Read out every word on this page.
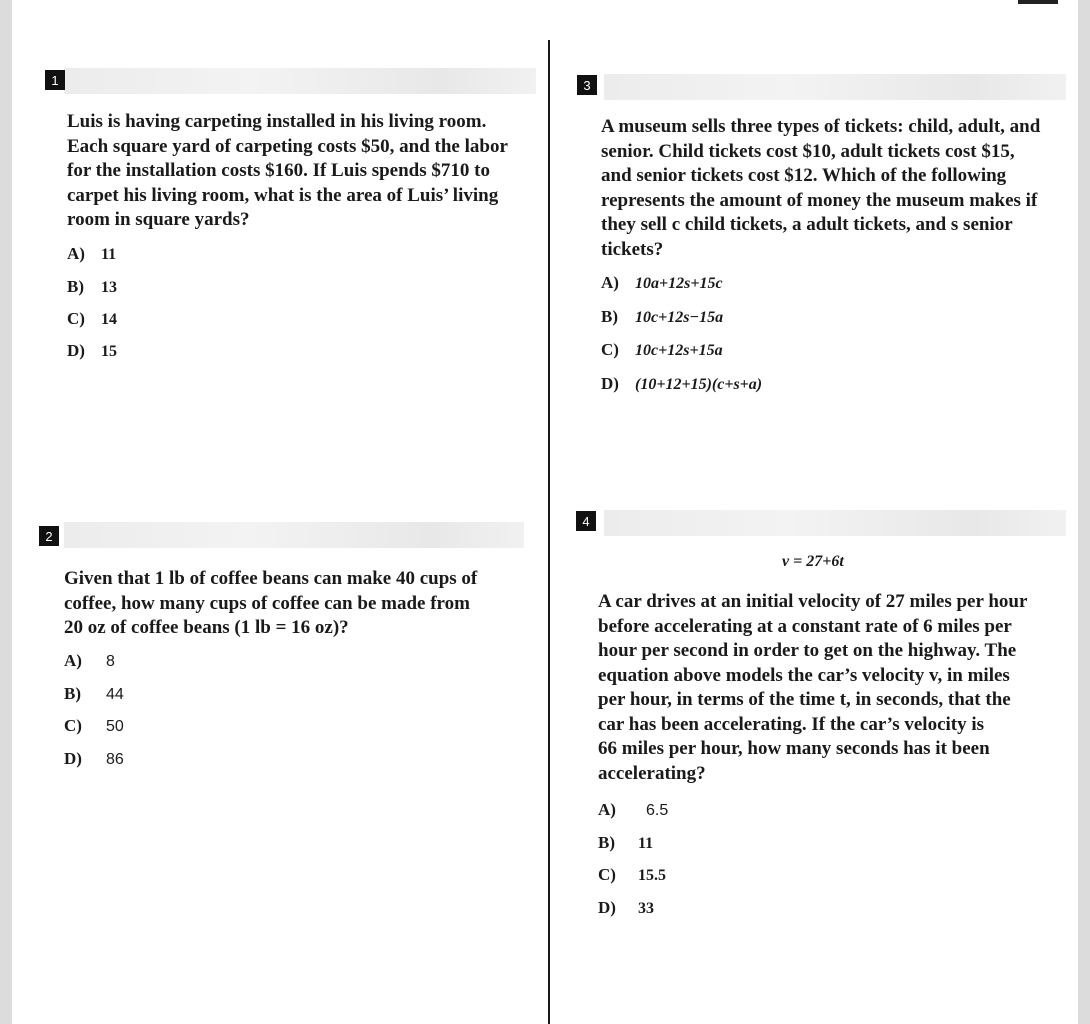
1

Luis is having carpeting installed in his living room.

Each square yard of carpeting costs $50, and the labor

for the installation costs $160. If Luis spends $710 to

carpet his living room, what is the area of Luis’ living

room in square yards?

A) 11
B) 13
C) 14
D) 15
2

Given that 1 lb of coffee beans can make 40 cups of

coffee, how many cups of coffee can be made from

20 oz of coffee beans (1 lb = 16 oz)?

A) 8
B) 44
C) 50
D) 86
3

A museum sells three types of tickets: child, adult, and

senior. Child tickets cost $10, adult tickets cost $15,

and senior tickets cost $12. Which of the following

represents the amount of money the museum makes if

they sell c child tickets, a adult tickets, and s senior

tickets?

A) 10a+12s+15c
B) 10c+12s−15a
C) 10c+12s+15a
D) (10+12+15)(c+s+a)
4
v = 27+6t

A car drives at an initial velocity of 27 miles per hour

before accelerating at a constant rate of 6 miles per

hour per second in order to get on the highway. The

equation above models the car’s velocity v, in miles

per hour, in terms of the time t, in seconds, that the

car has been accelerating. If the car’s velocity is

66 miles per hour, how many seconds has it been

accelerating?

A) 6.5
B) 11
C) 15.5
D) 33
